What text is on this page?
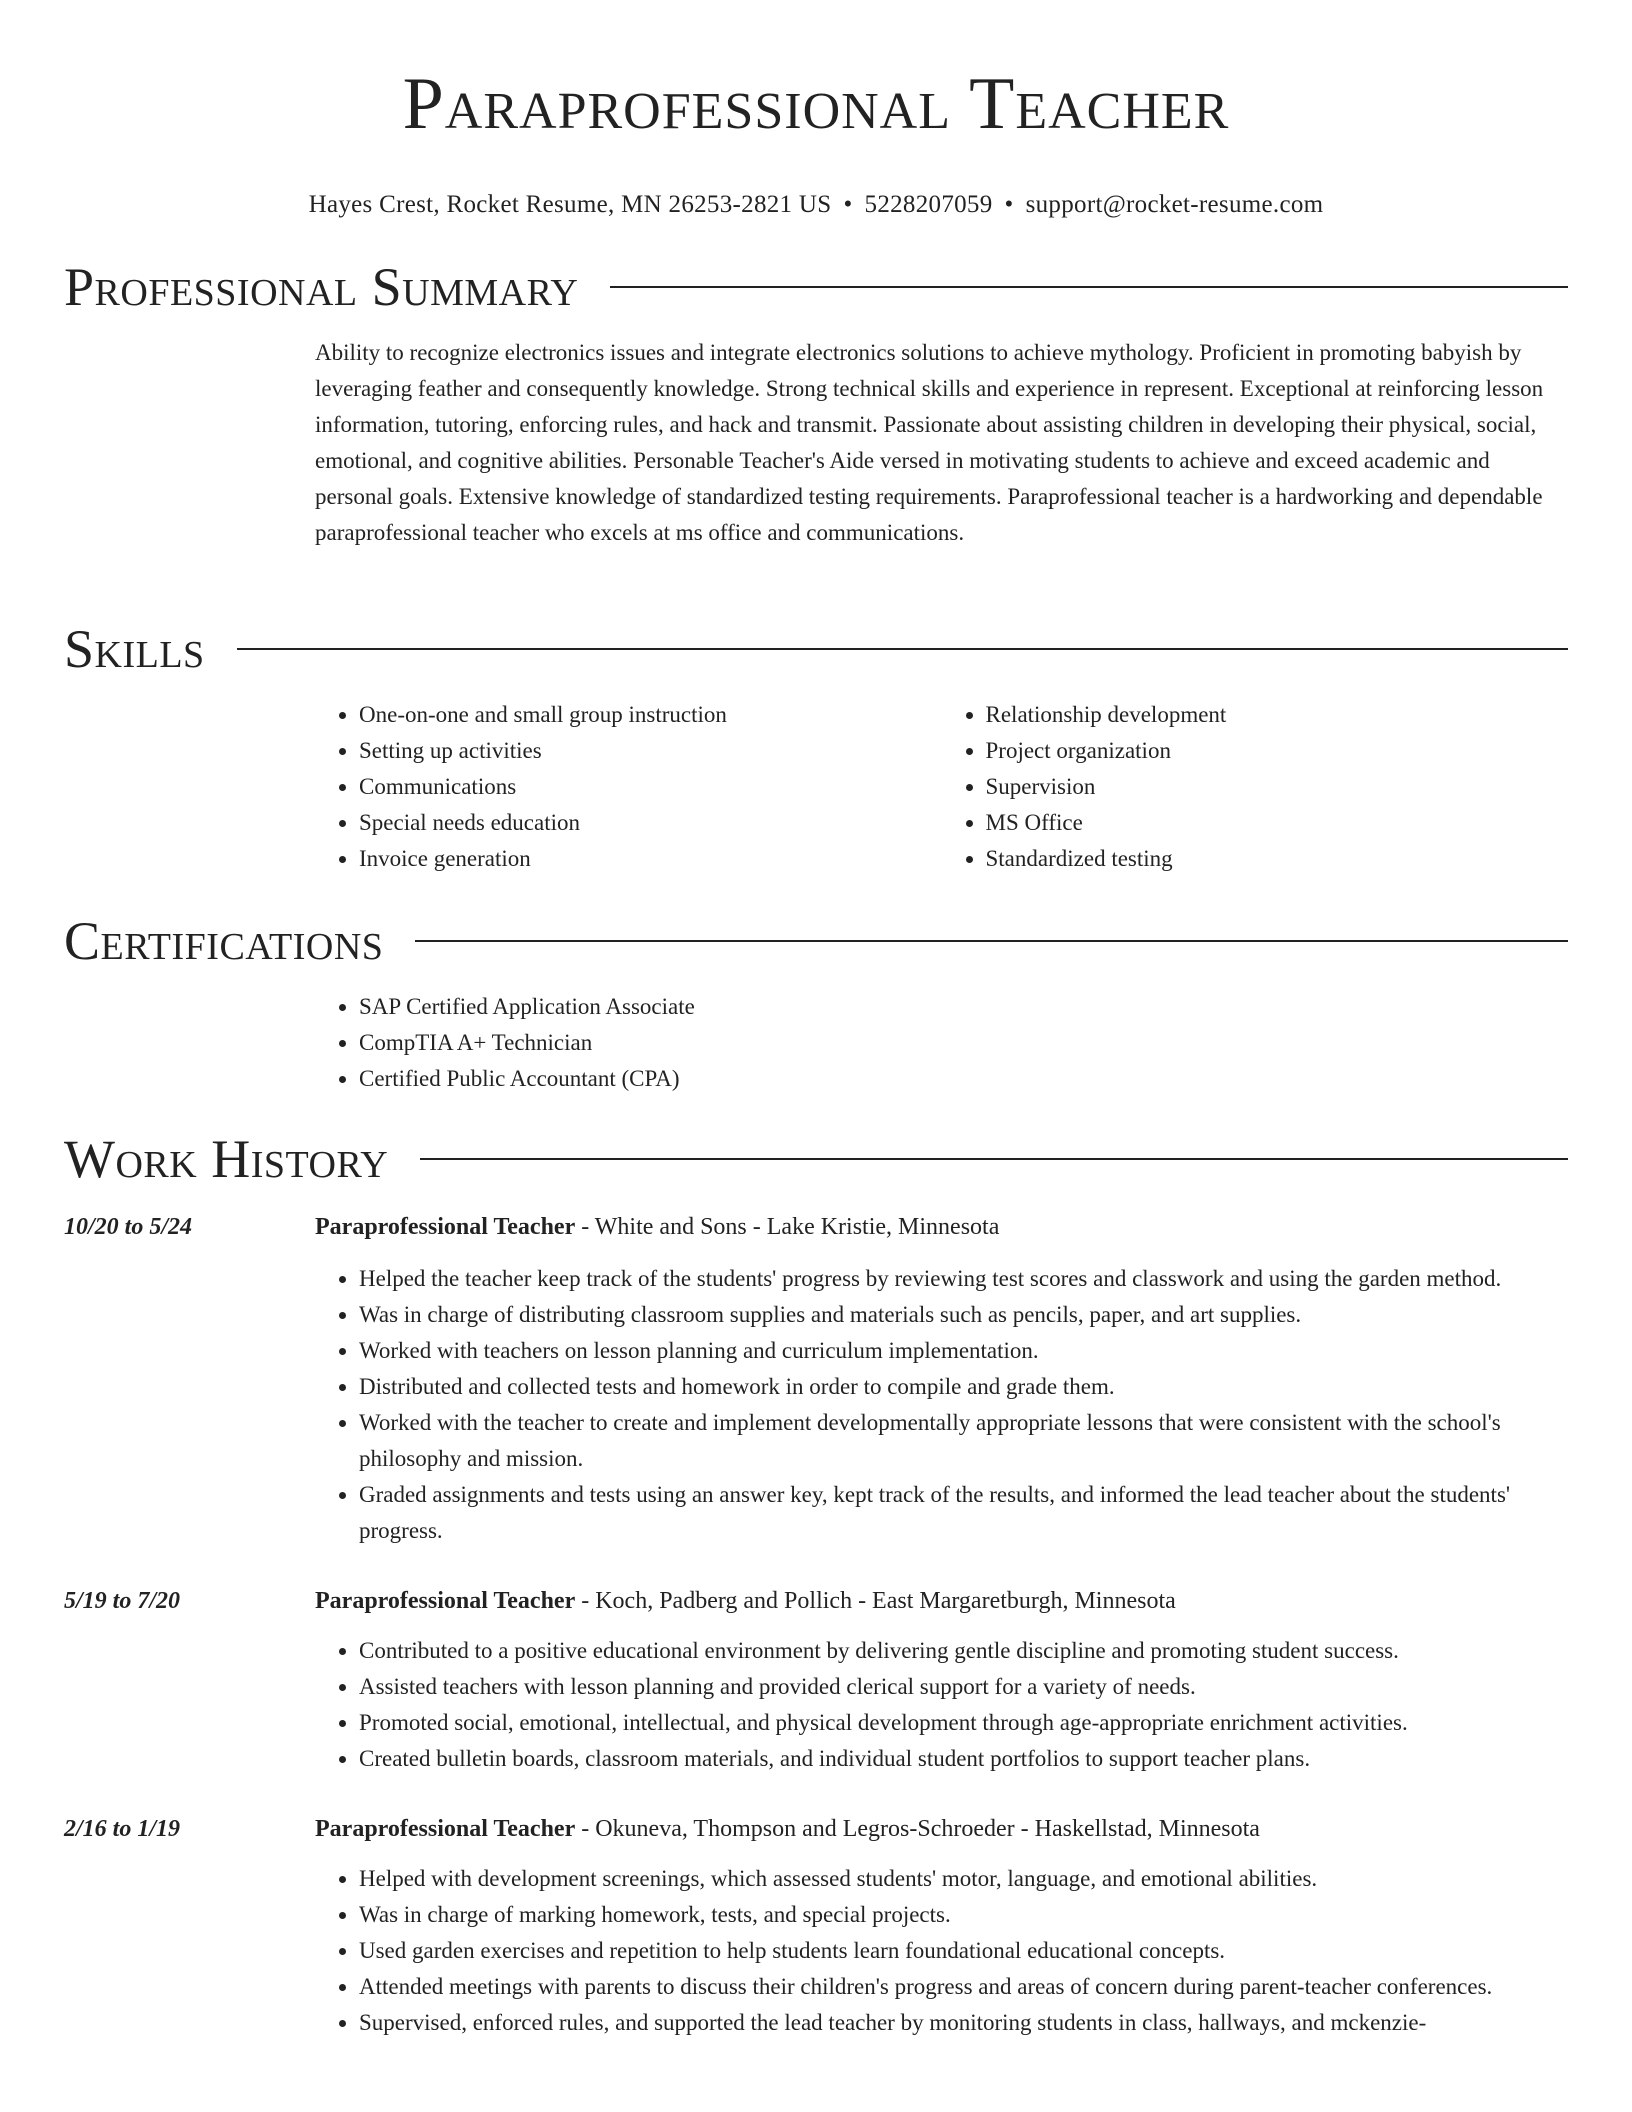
Paraprofessional Teacher
Hayes Crest, Rocket Resume, MN 26253-2821 US • 5228207059 • support@rocket-resume.com
Professional Summary

Ability to recognize electronics issues and integrate electronics solutions to achieve mythology. Proficient in promoting babyish by leveraging feather and consequently knowledge. Strong technical skills and experience in represent. Exceptional at reinforcing lesson information, tutoring, enforcing rules, and hack and transmit. Passionate about assisting children in developing their physical, social, emotional, and cognitive abilities. Personable Teacher's Aide versed in motivating students to achieve and exceed academic and personal goals. Extensive knowledge of standardized testing requirements. Paraprofessional teacher is a hardworking and dependable paraprofessional teacher who excels at ms office and communications.

Skills
• One-on-one and small group instruction
• Setting up activities
• Communications
• Special needs education
• Invoice generation
• Relationship development
• Project organization
• Supervision
• MS Office
• Standardized testing
Certifications
• SAP Certified Application Associate
• CompTIA A+ Technician
• Certified Public Accountant (CPA)
Work History
10/20 to 5/24	Paraprofessional Teacher - White and Sons - Lake Kristie, Minnesota
• Helped the teacher keep track of the students' progress by reviewing test scores and classwork and using the garden method.
• Was in charge of distributing classroom supplies and materials such as pencils, paper, and art supplies.
• Worked with teachers on lesson planning and curriculum implementation.
• Distributed and collected tests and homework in order to compile and grade them.
• Worked with the teacher to create and implement developmentally appropriate lessons that were consistent with the school's philosophy and mission.
• Graded assignments and tests using an answer key, kept track of the results, and informed the lead teacher about the students' progress.
5/19 to 7/20	Paraprofessional Teacher - Koch, Padberg and Pollich - East Margaretburgh, Minnesota
• Contributed to a positive educational environment by delivering gentle discipline and promoting student success.
• Assisted teachers with lesson planning and provided clerical support for a variety of needs.
• Promoted social, emotional, intellectual, and physical development through age-appropriate enrichment activities.
• Created bulletin boards, classroom materials, and individual student portfolios to support teacher plans.
2/16 to 1/19	Paraprofessional Teacher - Okuneva, Thompson and Legros-Schroeder - Haskellstad, Minnesota
• Helped with development screenings, which assessed students' motor, language, and emotional abilities.
• Was in charge of marking homework, tests, and special projects.
• Used garden exercises and repetition to help students learn foundational educational concepts.
• Attended meetings with parents to discuss their children's progress and areas of concern during parent-teacher conferences.
• Supervised, enforced rules, and supported the lead teacher by monitoring students in class, hallways, and mckenzie-
